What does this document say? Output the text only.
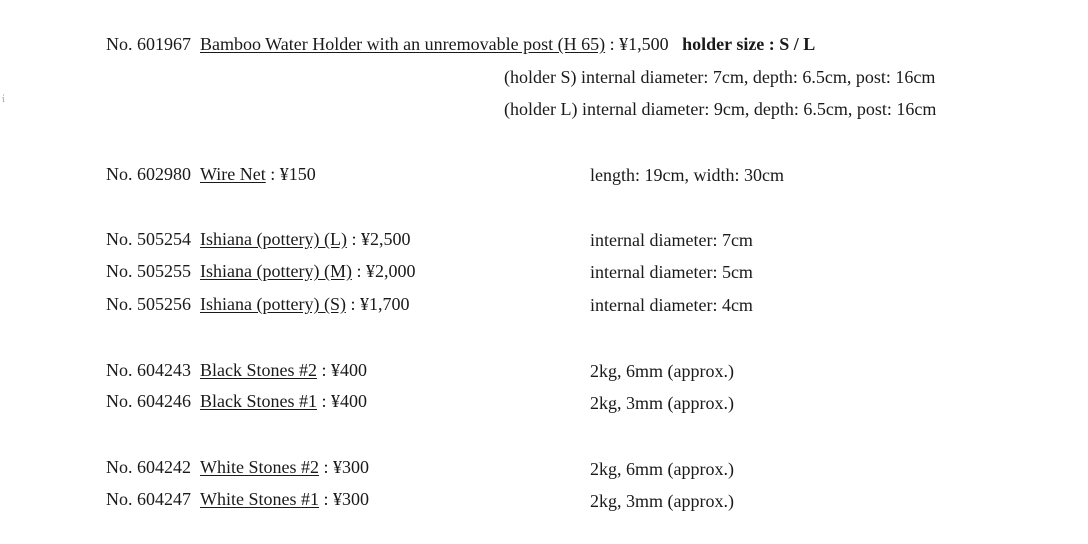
ί
No. 601967 Bamboo Water Holder with an unremovable post (H 65) : ¥1,500 holder size : S / L
(holder S) internal diameter: 7cm, depth: 6.5cm, post: 16cm
(holder L) internal diameter: 9cm, depth: 6.5cm, post: 16cm
No. 602980 Wire Net : ¥150	length: 19cm, width: 30cm
No. 505254 Ishiana (pottery) (L) : ¥2,500	internal diameter: 7cm
No. 505255 Ishiana (pottery) (M) : ¥2,000	internal diameter: 5cm
No. 505256 Ishiana (pottery) (S) : ¥1,700	internal diameter: 4cm
No. 604243 Black Stones #2 : ¥400	2kg, 6mm (approx.)
No. 604246 Black Stones #1 : ¥400	2kg, 3mm (approx.)
No. 604242 White Stones #2 : ¥300	2kg, 6mm (approx.)
No. 604247 White Stones #1 : ¥300	2kg, 3mm (approx.)
